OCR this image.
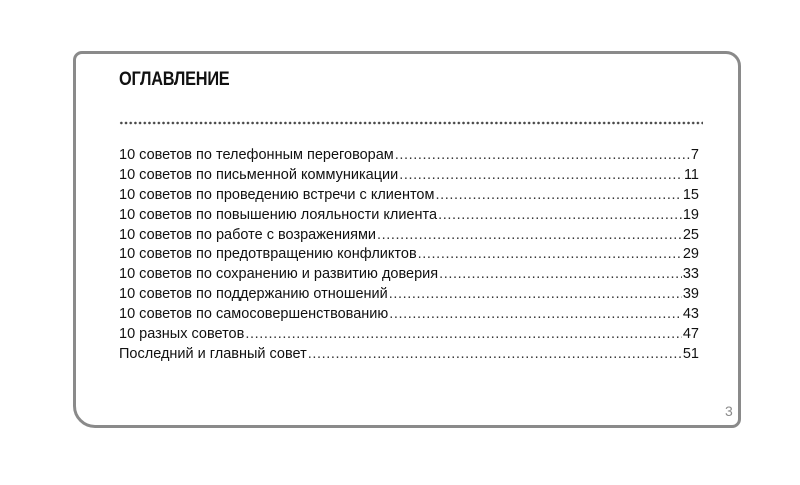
ОГЛАВЛЕНИЕ
10 советов по телефонным переговорам .....	7
10 советов по письменной коммуникации .....	11
10 советов по проведению встречи с клиентом .....	15
10 советов по повышению лояльности клиента .....	19
10 советов по работе с возражениями .....	25
10 советов по предотвращению конфликтов .....	29
10 советов по сохранению и развитию доверия .....	33
10 советов по поддержанию отношений .....	39
10 советов по самосовершенствованию .....	43
10 разных советов .....	47
Последний и главный совет .....	51
3
